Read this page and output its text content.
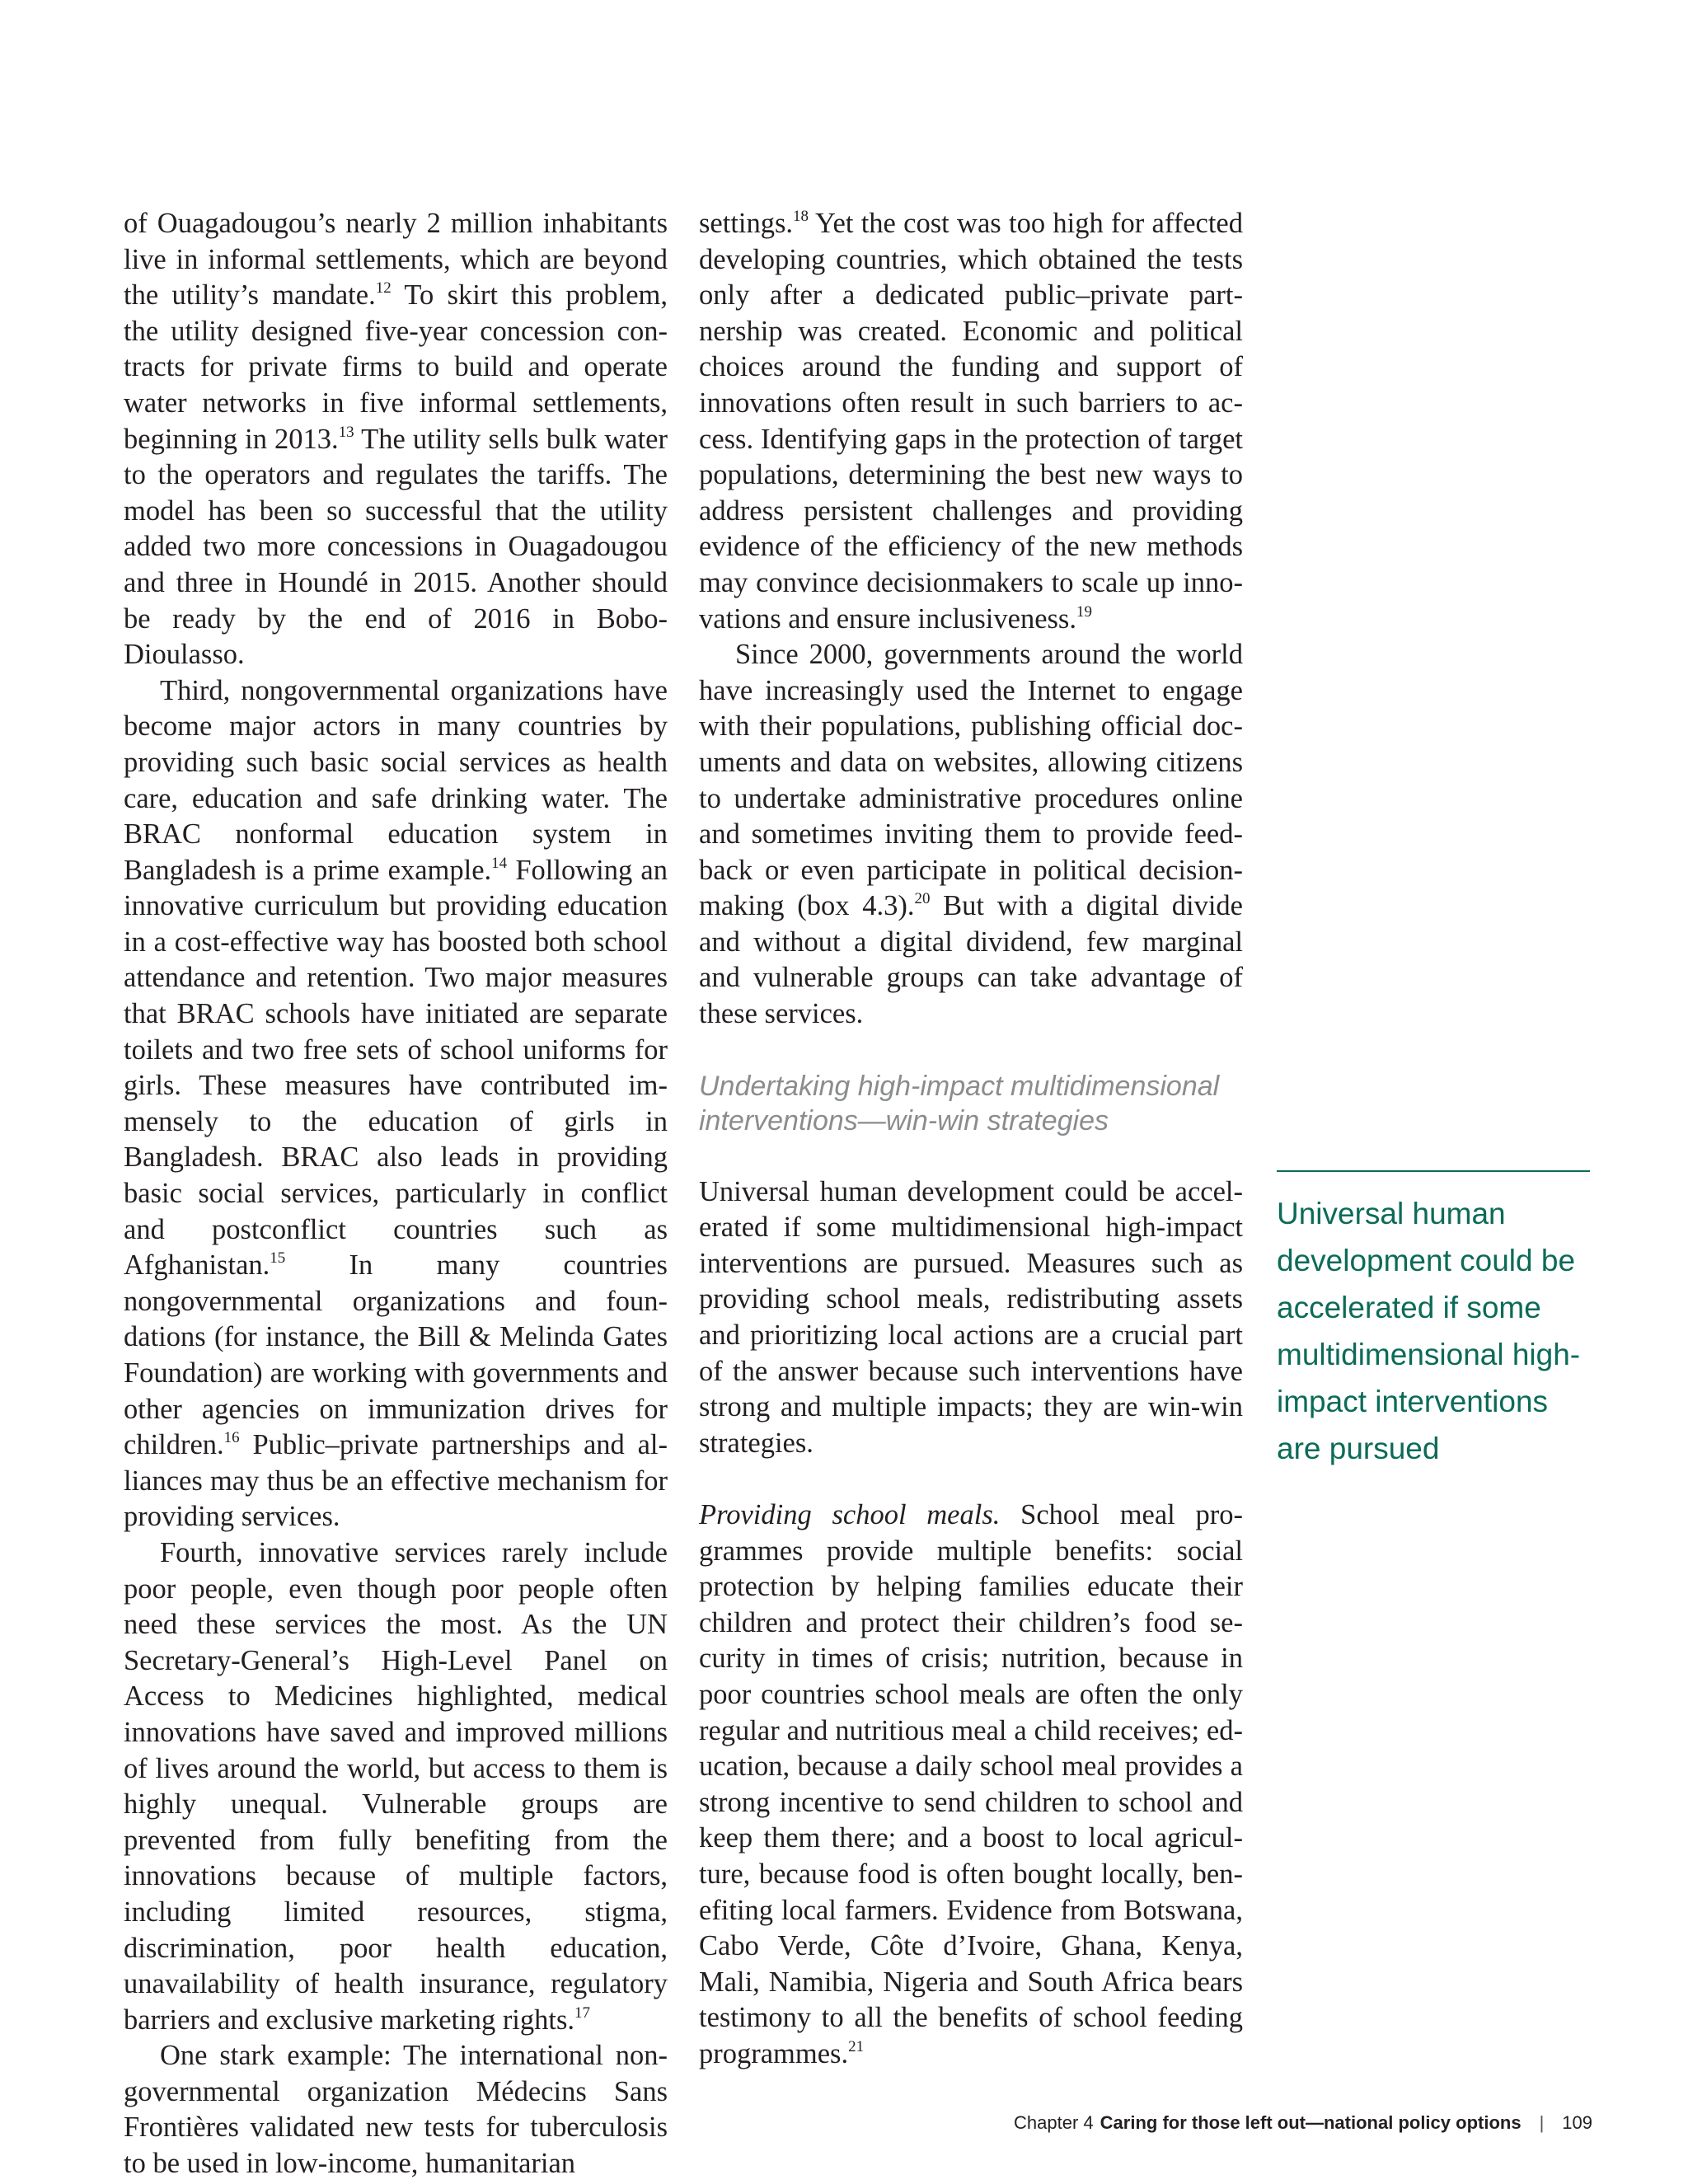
of Ouagadougou’s nearly 2 million inhabitants live in informal settlements, which are beyond the utility’s mandate.$^{12}$ To skirt this problem, the utility designed five-year concession contracts for private firms to build and operate water networks in five informal settlements, beginning in 2013.13 The utility sells bulk water to the operators and regulates the tariffs. The model has been so successful that the utility added two more concessions in Ouagadougou and three in Houndé in 2015. Another should be ready by the end of 2016 in Bobo-Dioulasso.

Third, nongovernmental organizations have become major actors in many countries by providing such basic social services as health care, education and safe drinking water. The BRAC nonformal education system in Bangladesh is a prime example.$^{14}$ Following an innovative curriculum but providing education in a cost-effective way has boosted both school attendance and retention. Two major measures that BRAC schools have initiated are separate toilets and two free sets of school uniforms for girls. These measures have contributed immensely to the education of girls in Bangladesh. BRAC also leads in providing basic social services, particularly in conflict and postconflict countries such as Afghanistan.$^{15}$ In many countries nongovernmental organizations and foundations (for instance, the Bill & Melinda Gates Foundation) are working with governments and other agencies on immunization drives for children.$^{16}$ Public–private partnerships and alliances may thus be an effective mechanism for providing services.

Fourth, innovative services rarely include poor people, even though poor people often need these services the most. As the UN Secretary-General’s High-Level Panel on Access to Medicines highlighted, medical innovations have saved and improved millions of lives around the world, but access to them is highly unequal. Vulnerable groups are prevented from fully benefiting from the innovations because of multiple factors, including limited resources, stigma, discrimination, poor health education, unavailability of health insurance, regulatory barriers and exclusive marketing rights.$^{17}$

One stark example: The international nongovernmental organization Médecins Sans Frontières validated new tests for tuberculosis to be used in low-income, humanitarian

settings.$^{18}$ Yet the cost was too high for affected developing countries, which obtained the tests only after a dedicated public–private partnership was created. Economic and political choices around the funding and support of innovations often result in such barriers to access. Identifying gaps in the protection of target populations, determining the best new ways to address persistent challenges and providing evidence of the efficiency of the new methods may convince decisionmakers to scale up innovations and ensure inclusiveness.$^{19}$

Since 2000, governments around the world have increasingly used the Internet to engage with their populations, publishing official documents and data on websites, allowing citizens to undertake administrative procedures online and sometimes inviting them to provide feedback or even participate in political decisionmaking (box 4.3).$^{20}$ But with a digital divide and without a digital dividend, few marginal and vulnerable groups can take advantage of these services.

Undertaking high-impact multidimensional interventions—win-win strategies

Universal human development could be accelerated if some multidimensional high-impact interventions are pursued. Measures such as providing school meals, redistributing assets and prioritizing local actions are a crucial part of the answer because such interventions have strong and multiple impacts; they are win-win strategies.

Providing school meals. School meal programmes provide multiple benefits: social protection by helping families educate their children and protect their children’s food security in times of crisis; nutrition, because in poor countries school meals are often the only regular and nutritious meal a child receives; education, because a daily school meal provides a strong incentive to send children to school and keep them there; and a boost to local agriculture, because food is often bought locally, benefiting local farmers. Evidence from Botswana, Cabo Verde, Côte d’Ivoire, Ghana, Kenya, Mali, Namibia, Nigeria and South Africa bears testimony to all the benefits of school feeding programmes.$^{21}$

Universal human development could be accelerated if some multidimensional high-impact interventions are pursued
Chapter 4 Caring for those left out—national policy options | 109
